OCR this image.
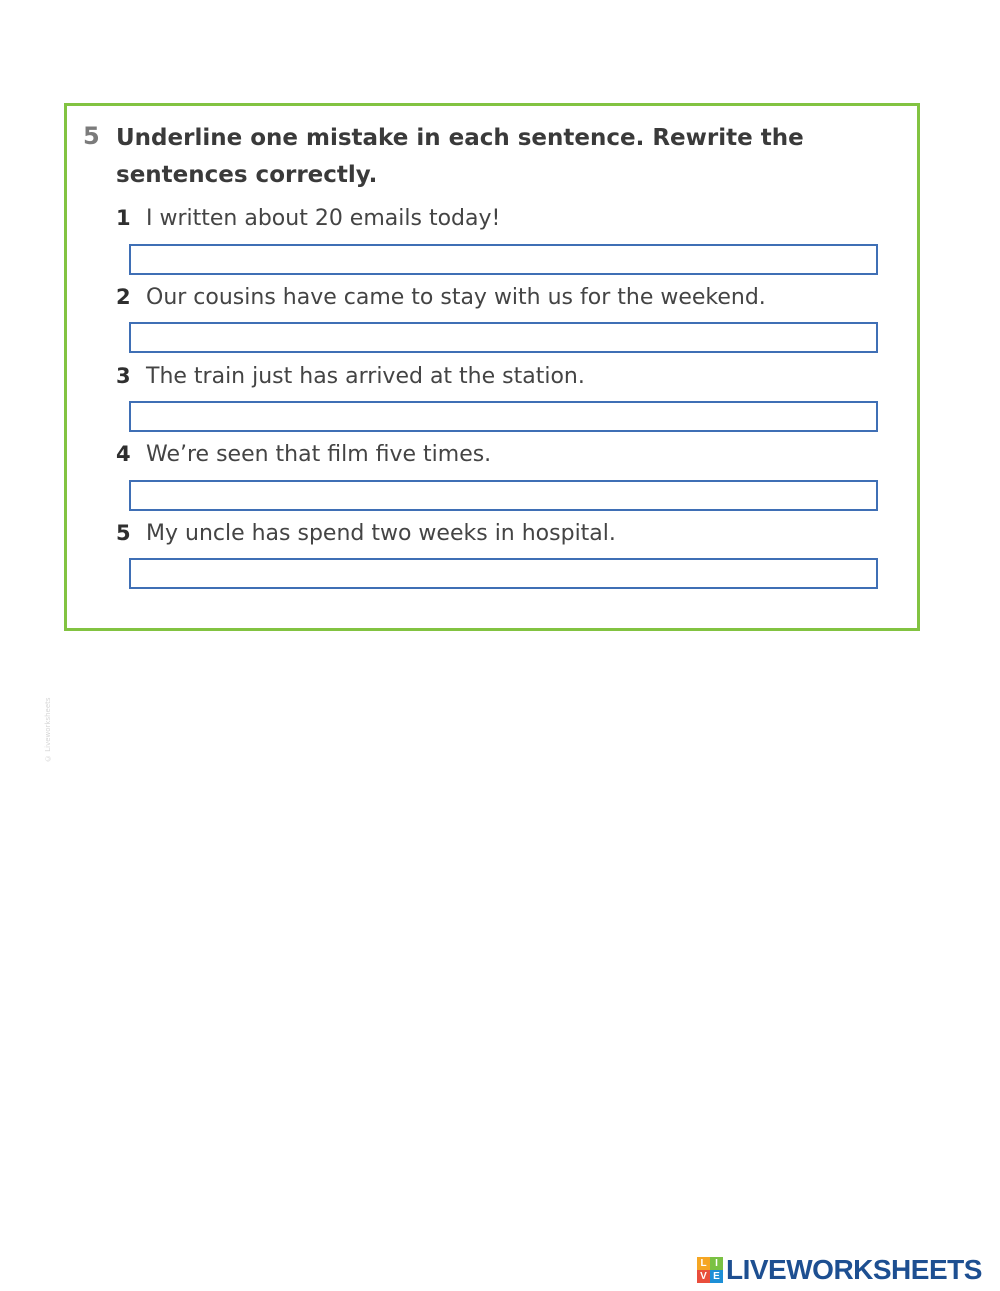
5 Underline one mistake in each sentence. Rewrite the sentences correctly.
1 I written about 20 emails today!
2 Our cousins have came to stay with us for the weekend.
3 The train just has arrived at the station.
4 We’re seen that film five times.
5 My uncle has spend two weeks in hospital.
© Liveworksheets
L I
V E LIVEWORKSHEETS
